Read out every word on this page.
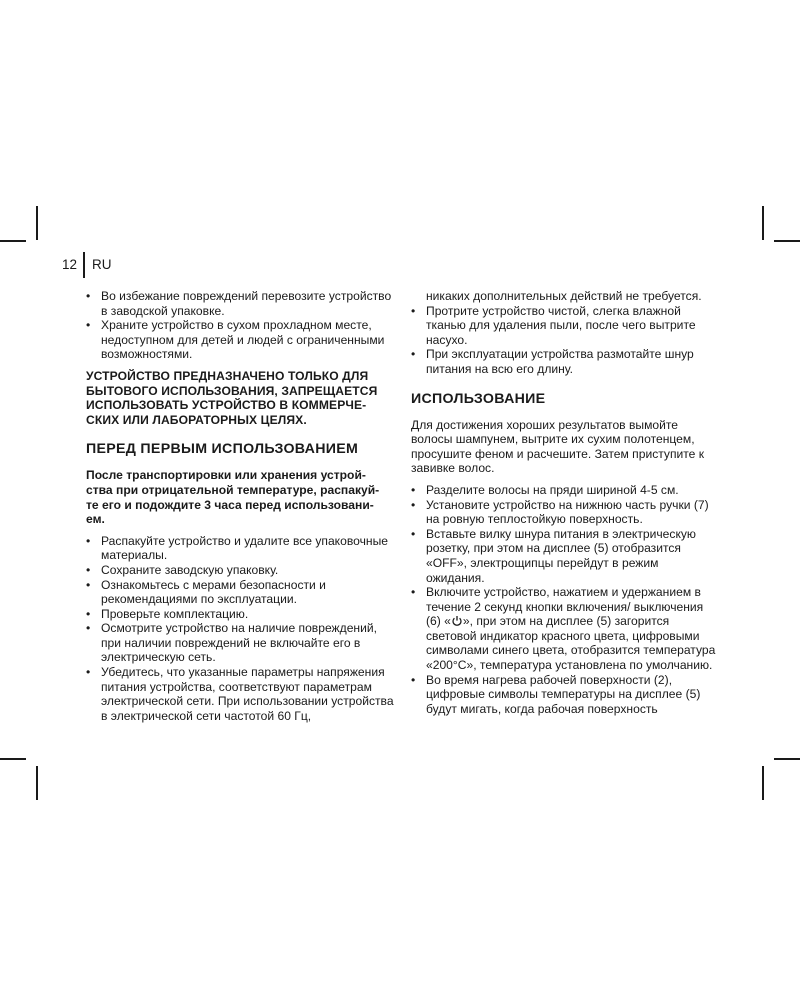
12 RU
• Во избежание повреждений перевозите устройство в заводской упаковке.
• Храните устройство в сухом прохладном месте, недоступном для детей и людей с ограниченными возможностями.
УСТРОЙСТВО ПРЕДНАЗНАЧЕНО ТОЛЬКО ДЛЯ
БЫТОВОГО ИСПОЛЬЗОВАНИЯ, ЗАПРЕЩАЕТСЯ
ИСПОЛЬЗОВАТЬ УСТРОЙСТВО В КОММЕРЧЕ-
СКИХ ИЛИ ЛАБОРАТОРНЫХ ЦЕЛЯХ.
ПЕРЕД ПЕРВЫМ ИСПОЛЬЗОВАНИЕМ
После транспортировки или хранения устрой-
ства при отрицательной температуре, распакуй-
те его и подождите 3 часа перед использовани-
ем.
• Распакуйте устройство и удалите все упаковочные материалы.
• Сохраните заводскую упаковку.
• Ознакомьтесь с мерами безопасности и рекомендациями по эксплуатации.
• Проверьте комплектацию.
• Осмотрите устройство на наличие повреждений, при наличии повреждений не включайте его в электрическую сеть.
• Убедитесь, что указанные параметры напряжения питания устройства, соответствуют параметрам электрической сети. При использовании устройства в электрической сети частотой 60 Гц,
никаких дополнительных действий не требуется.
• Протрите устройство чистой, слегка влажной тканью для удаления пыли, после чего вытрите насухо.
• При эксплуатации устройства размотайте шнур питания на всю его длину.
ИСПОЛЬЗОВАНИЕ
Для достижения хороших результатов вымойте волосы шампунем, вытрите их сухим полотенцем, просушите феном и расчешите. Затем приступите к завивке волос.
• Разделите волосы на пряди шириной 4-5 см.
• Установите устройство на нижнюю часть ручки (7) на ровную теплостойкую поверхность.
• Вставьте вилку шнура питания в электрическую розетку, при этом на дисплее (5) отобразится «OFF», электрощипцы перейдут в режим ожидания.
• Включите устройство, нажатием и удержанием в течение 2 секунд кнопки включения/ выключения (6) « », при этом на дисплее (5) загорится световой индикатор красного цвета, цифровыми символами синего цвета, отобразится температура «200°С», температура установлена по умолчанию.
• Во время нагрева рабочей поверхности (2), цифровые символы температуры на дисплее (5) будут мигать, когда рабочая поверхность
